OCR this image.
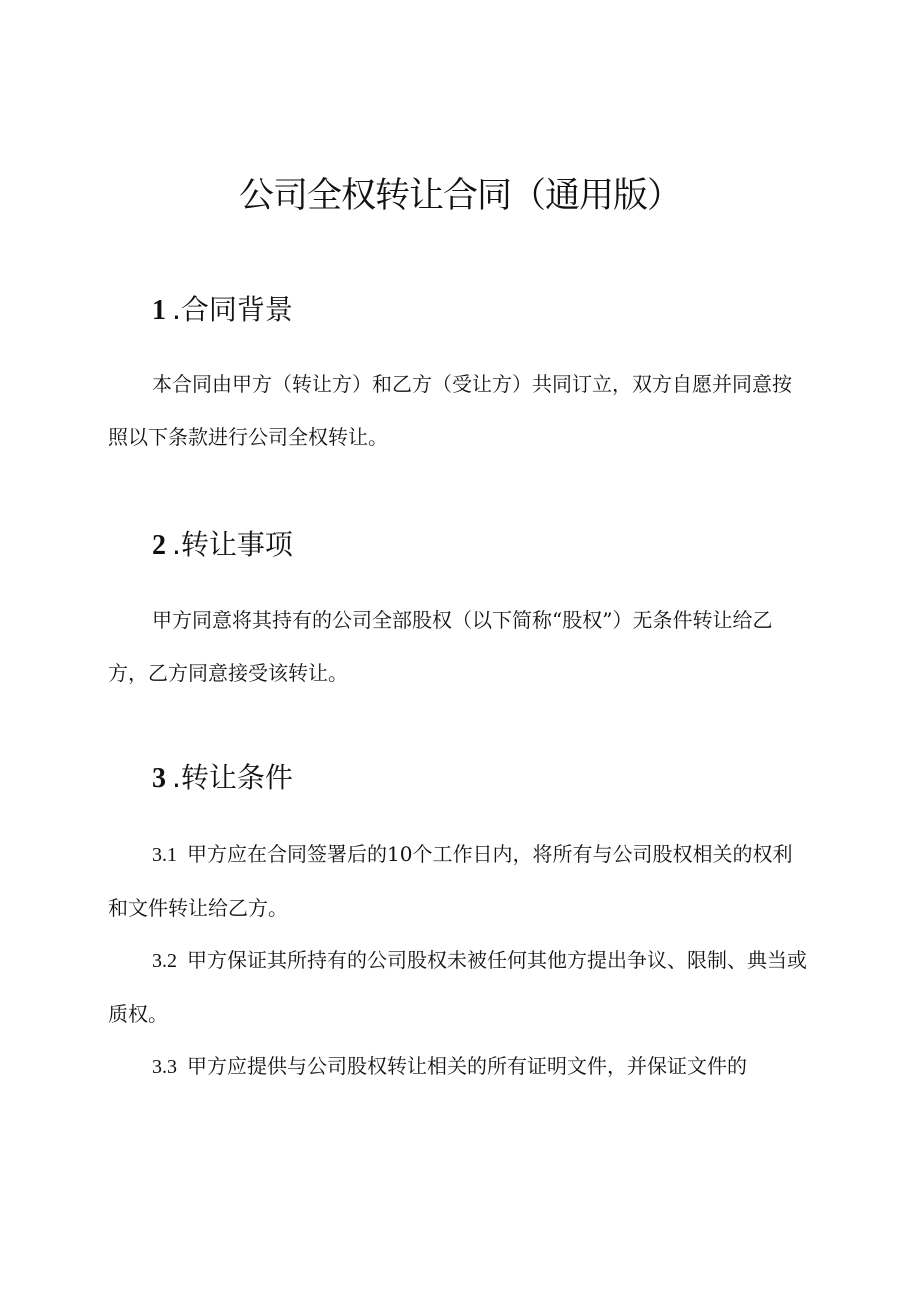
公司全权转让合同（通用版）
1 .合同背景

本合同由甲方（转让方）和乙方（受让方）共同订立，双方自愿并同意按照以下条款进行公司全权转让。

2 .转让事项

甲方同意将其持有的公司全部股权（以下简称“股权”）无条件转让给乙方，乙方同意接受该转让。

3 .转让条件

3.1 甲方应在合同签署后的10个工作日内，将所有与公司股权相关的权利和文件转让给乙方。

3.2 甲方保证其所持有的公司股权未被任何其他方提出争议、限制、典当或质权。

3.3 甲方应提供与公司股权转让相关的所有证明文件，并保证文件的
